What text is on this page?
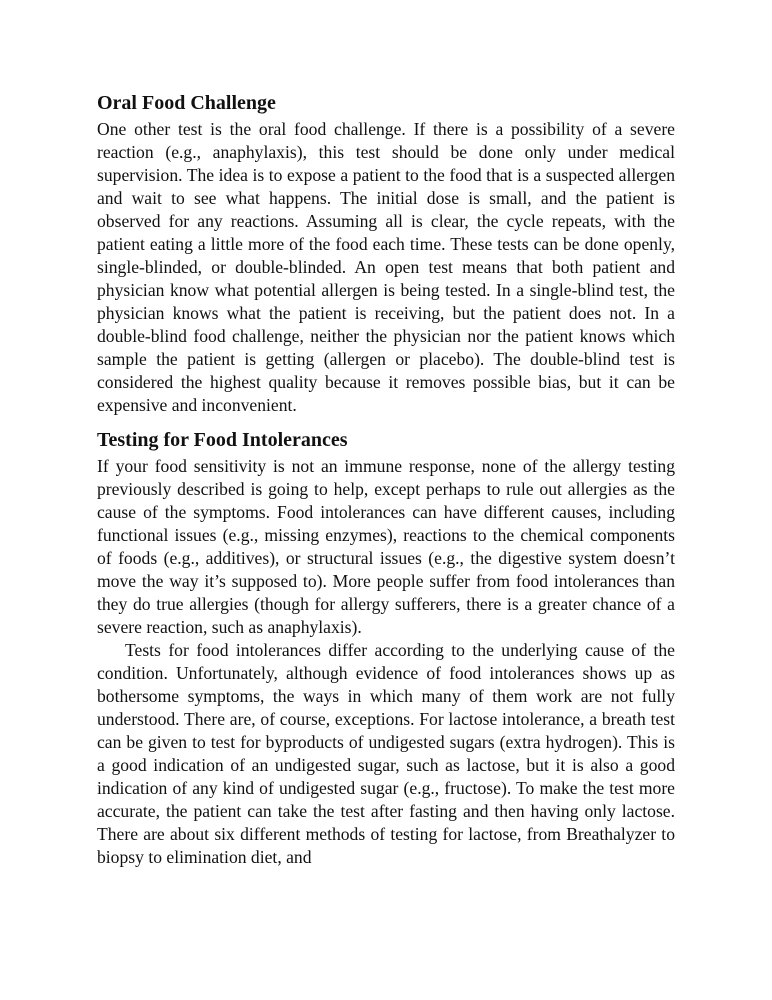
Oral Food Challenge

One other test is the oral food challenge. If there is a possibility of a severe reaction (e.g., anaphylaxis), this test should be done only under medical supervision. The idea is to expose a patient to the food that is a suspected allergen and wait to see what happens. The initial dose is small, and the patient is observed for any reactions. Assuming all is clear, the cycle repeats, with the patient eating a little more of the food each time. These tests can be done openly, single-blinded, or double-blinded. An open test means that both patient and physician know what potential allergen is being tested. In a single-blind test, the physician knows what the patient is receiving, but the patient does not. In a double-blind food challenge, neither the physician nor the patient knows which sample the patient is getting (allergen or placebo). The double-blind test is considered the highest quality because it removes possible bias, but it can be expensive and inconvenient.

Testing for Food Intolerances

If your food sensitivity is not an immune response, none of the allergy testing previously described is going to help, except perhaps to rule out allergies as the cause of the symptoms. Food intolerances can have different causes, including functional issues (e.g., missing enzymes), reactions to the chemical components of foods (e.g., additives), or structural issues (e.g., the digestive system doesn’t move the way it’s supposed to). More people suffer from food intolerances than they do true allergies (though for allergy sufferers, there is a greater chance of a severe reaction, such as anaphylaxis).

Tests for food intolerances differ according to the underlying cause of the condition. Unfortunately, although evidence of food intolerances shows up as bothersome symptoms, the ways in which many of them work are not fully understood. There are, of course, exceptions. For lactose intolerance, a breath test can be given to test for byproducts of undigested sugars (extra hydrogen). This is a good indication of an undigested sugar, such as lactose, but it is also a good indication of any kind of undigested sugar (e.g., fructose). To make the test more accurate, the patient can take the test after fasting and then having only lactose. There are about six different methods of testing for lactose, from Breathalyzer to biopsy to elimination diet, and
